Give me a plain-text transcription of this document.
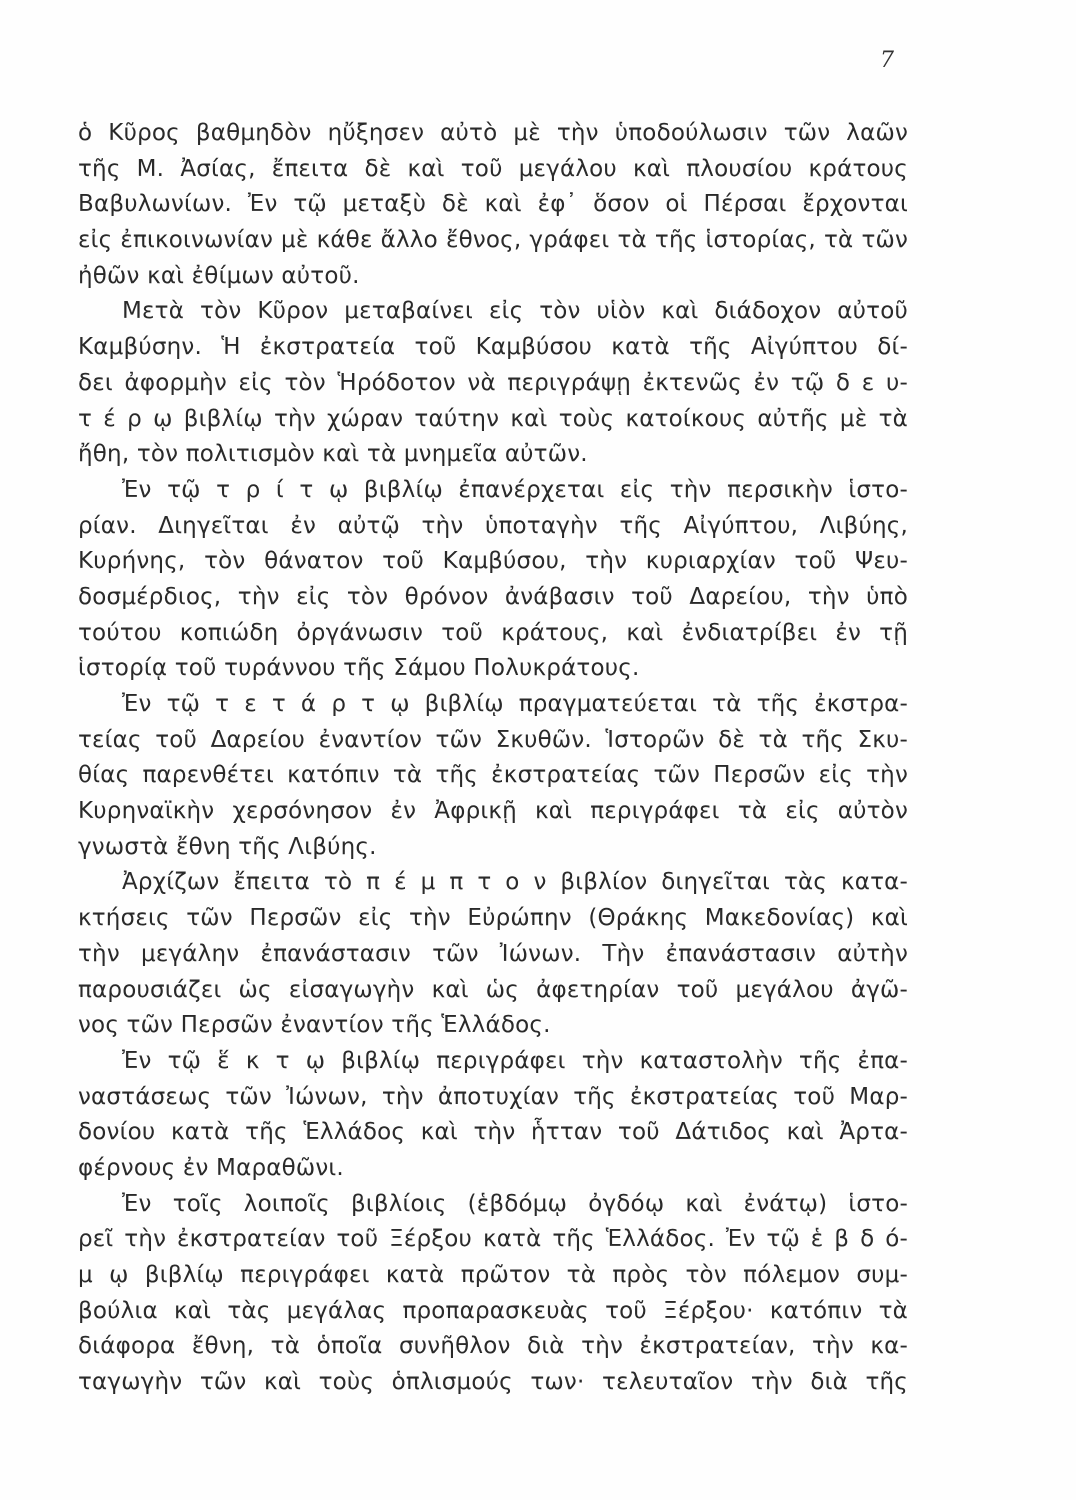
7
ὁ Κῦρος βαθμηδὸν ηὔξησεν αὐτὸ μὲ τὴν ὑποδούλωσιν τῶν λαῶν
τῆς Μ. Ἀσίας, ἔπειτα δὲ καὶ τοῦ μεγάλου καὶ πλουσίου κράτους
Βαβυλωνίων. Ἐν τῷ μεταξὺ δὲ καὶ ἐφ᾽ ὅσον οἱ Πέρσαι ἔρχονται
εἰς ἐπικοινωνίαν μὲ κάθε ἄλλο ἔθνος, γράφει τὰ τῆς ἱστορίας, τὰ τῶν
ἠθῶν καὶ ἐθίμων αὐτοῦ.
Μετὰ τὸν Κῦρον μεταβαίνει εἰς τὸν υἱὸν καὶ διάδοχον αὐτοῦ
Καμβύσην. Ἡ ἐκστρατεία τοῦ Καμβύσου κατὰ τῆς Αἰγύπτου δί-
δει ἀφορμὴν εἰς τὸν Ἡρόδοτον νὰ περιγράψῃ ἐκτενῶς ἐν τῷ δ ε υ-
τ έ ρ ῳ βιβλίῳ τὴν χώραν ταύτην καὶ τοὺς κατοίκους αὐτῆς μὲ τὰ
ἤθη, τὸν πολιτισμὸν καὶ τὰ μνημεῖα αὐτῶν.
Ἐν τῷ τ ρ ί τ ῳ βιβλίῳ ἐπανέρχεται εἰς τὴν περσικὴν ἱστο-
ρίαν. Διηγεῖται ἐν αὐτῷ τὴν ὑποταγὴν τῆς Αἰγύπτου, Λιβύης,
Κυρήνης, τὸν θάνατον τοῦ Καμβύσου, τὴν κυριαρχίαν τοῦ Ψευ-
δοσμέρδιος, τὴν εἰς τὸν θρόνον ἀνάβασιν τοῦ Δαρείου, τὴν ὑπὸ
τούτου κοπιώδη ὀργάνωσιν τοῦ κράτους, καὶ ἐνδιατρίβει ἐν τῇ
ἱστορίᾳ τοῦ τυράννου τῆς Σάμου Πολυκράτους.
Ἐν τῷ τ ε τ ά ρ τ ῳ βιβλίῳ πραγματεύεται τὰ τῆς ἐκστρα-
τείας τοῦ Δαρείου ἐναντίον τῶν Σκυθῶν. Ἱστορῶν δὲ τὰ τῆς Σκυ-
θίας παρενθέτει κατόπιν τὰ τῆς ἐκστρατείας τῶν Περσῶν εἰς τὴν
Κυρηναϊκὴν χερσόνησον ἐν Ἀφρικῇ καὶ περιγράφει τὰ εἰς αὐτὸν
γνωστὰ ἔθνη τῆς Λιβύης.
Ἀρχίζων ἔπειτα τὸ π έ μ π τ ο ν βιβλίον διηγεῖται τὰς κατα-
κτήσεις τῶν Περσῶν εἰς τὴν Εὐρώπην (Θράκης Μακεδονίας) καὶ
τὴν μεγάλην ἐπανάστασιν τῶν Ἰώνων. Τὴν ἐπανάστασιν αὐτὴν
παρουσιάζει ὡς εἰσαγωγὴν καὶ ὡς ἀφετηρίαν τοῦ μεγάλου ἀγῶ-
νος τῶν Περσῶν ἐναντίον τῆς Ἑλλάδος.
Ἐν τῷ ἕ κ τ ῳ βιβλίῳ περιγράφει τὴν καταστολὴν τῆς ἐπα-
ναστάσεως τῶν Ἰώνων, τὴν ἀποτυχίαν τῆς ἐκστρατείας τοῦ Μαρ-
δονίου κατὰ τῆς Ἑλλάδος καὶ τὴν ἧτταν τοῦ Δάτιδος καὶ Ἀρτα-
φέρνους ἐν Μαραθῶνι.
Ἐν τοῖς λοιποῖς βιβλίοις (ἑβδόμῳ ὀγδόῳ καὶ ἐνάτῳ) ἱστο-
ρεῖ τὴν ἐκστρατείαν τοῦ Ξέρξου κατὰ τῆς Ἑλλάδος. Ἐν τῷ ἑ β δ ό-
μ ῳ βιβλίῳ περιγράφει κατὰ πρῶτον τὰ πρὸς τὸν πόλεμον συμ-
βούλια καὶ τὰς μεγάλας προπαρασκευὰς τοῦ Ξέρξου· κατόπιν τὰ
διάφορα ἔθνη, τὰ ὁποῖα συνῆθλον διὰ τὴν ἐκστρατείαν, τὴν κα-
ταγωγὴν τῶν καὶ τοὺς ὁπλισμούς των· τελευταῖον τὴν διὰ τῆς
